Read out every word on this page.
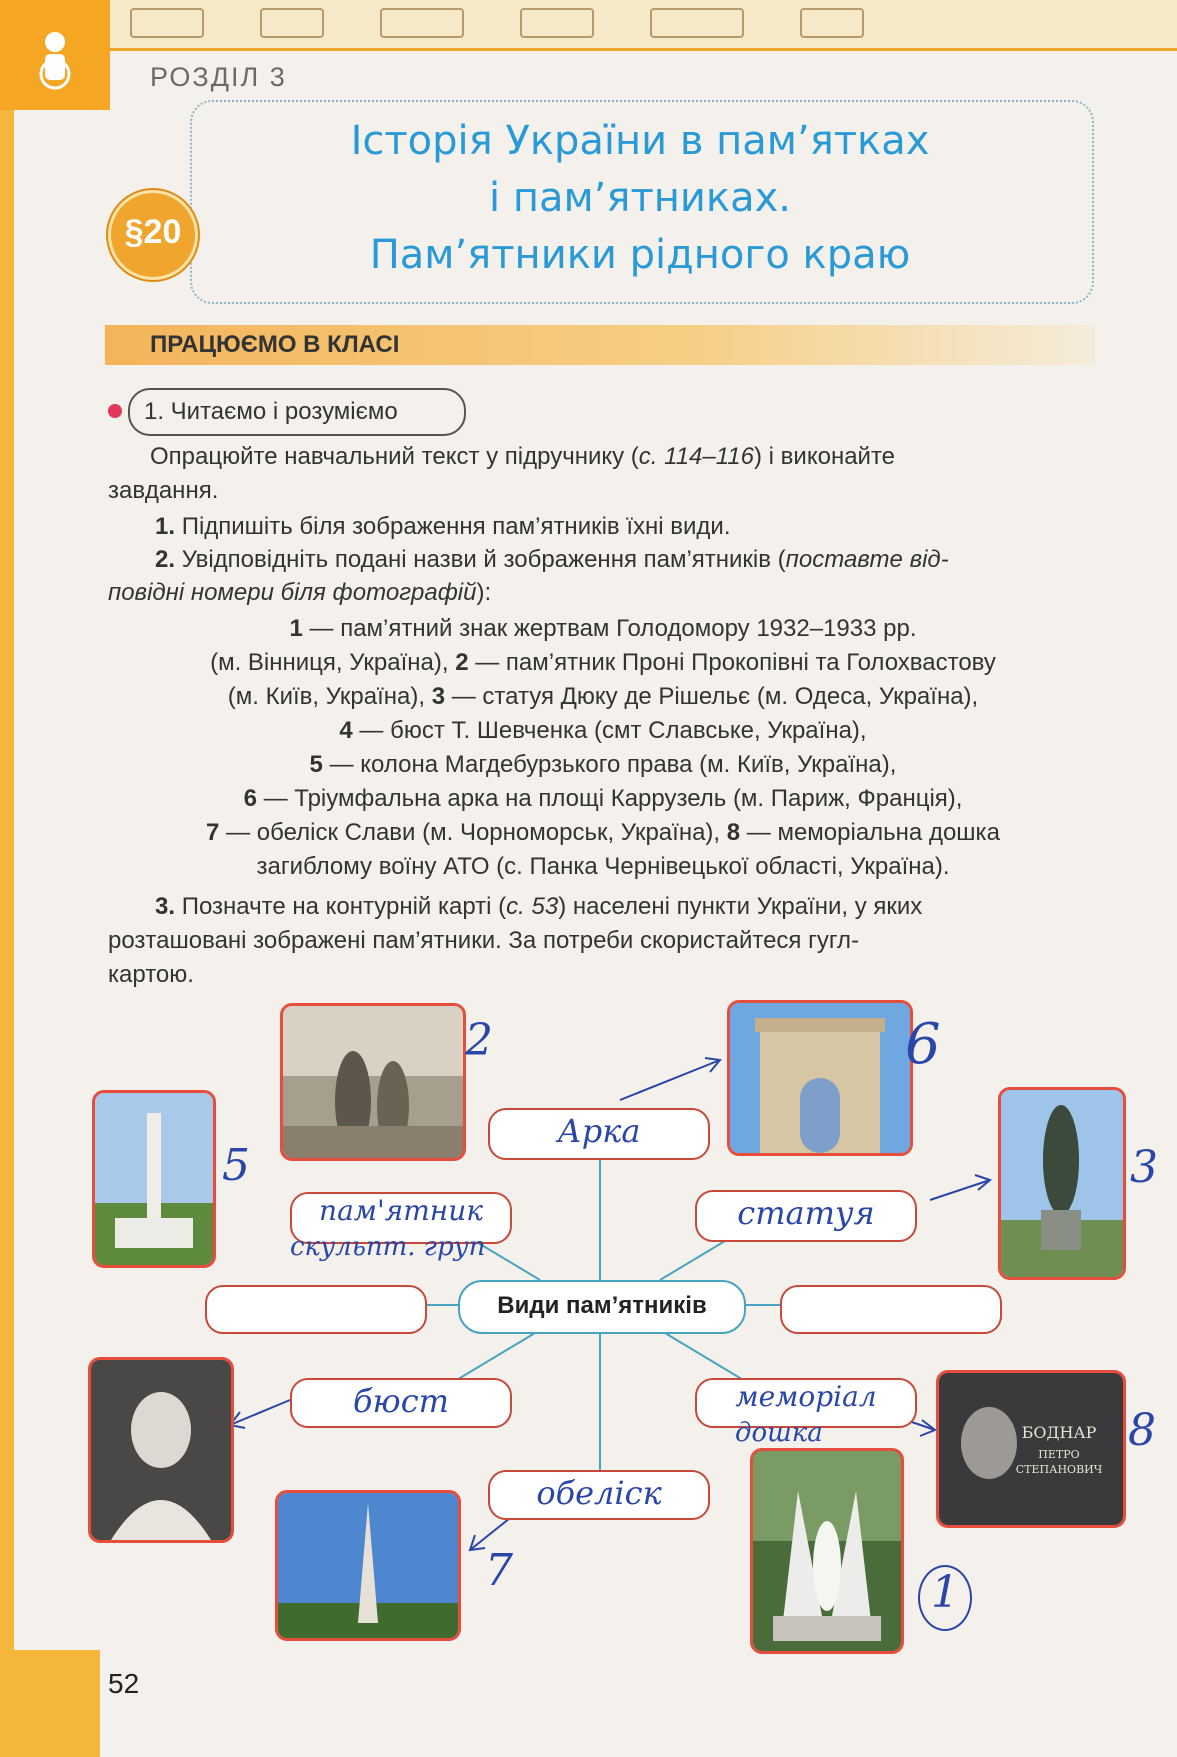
РОЗДІЛ 3
§20
Історія України в пам’ятках
і пам’ятниках.
Пам’ятники рідного краю
ПРАЦЮЄМО В КЛАСІ
1. Читаємо і розуміємо
Опрацюйте навчальний текст у підручнику (с. 114–116) і виконайте
завдання.
1. Підпишіть біля зображення пам’ятників їхні види.
2. Увідповідніть подані назви й зображення пам’ятників (поставте від-
повідні номери біля фотографій):
1 — пам’ятний знак жертвам Голодомору 1932–1933 рр.
(м. Вінниця, Україна), 2 — пам’ятник Проні Прокопівні та Голохвастову
(м. Київ, Україна), 3 — статуя Дюку де Рішельє (м. Одеса, Україна),
4 — бюст Т. Шевченка (смт Славське, Україна),
5 — колона Магдебурзького права (м. Київ, Україна),
6 — Тріумфальна арка на площі Каррузель (м. Париж, Франція),
7 — обеліск Слави (м. Чорноморськ, Україна), 8 — меморіальна дошка
загиблому воїну АТО (с. Панка Чернівецької області, Україна).
3. Позначте на контурній карті (с. 53) населені пункти України, у яких
розташовані зображені пам’ятники. За потреби скористайтеся гугл-
картою.
БОДНАР
ПЕТРО
СТЕПАНОВИЧ
Арка
пам'ятник
скульпт. груп
статуя
бюст	меморіал
дошка
обеліск
Види пам’ятників
2	6
5	3
8
7	1
52
